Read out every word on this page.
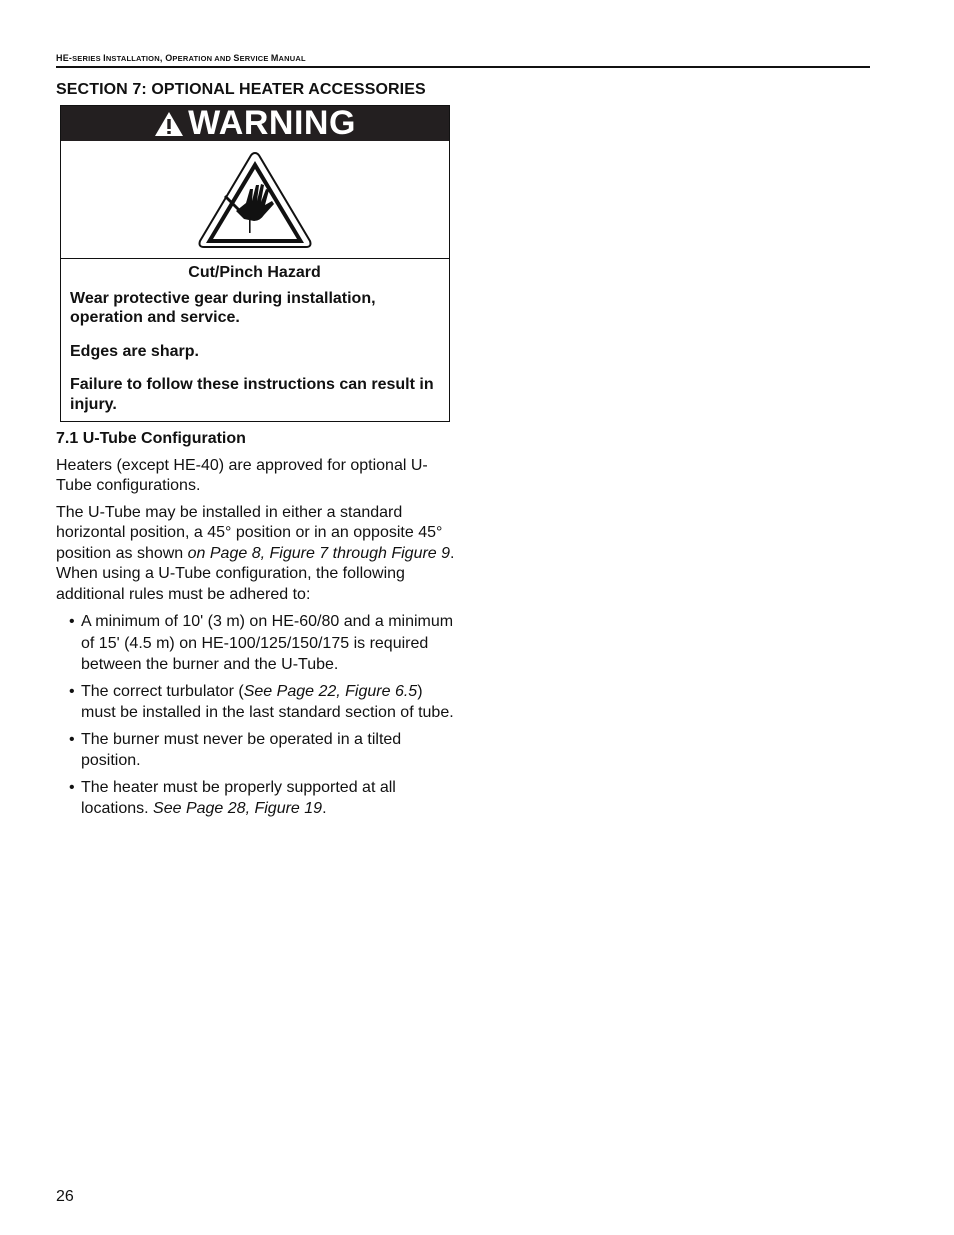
HE-SERIES INSTALLATION, OPERATION AND SERVICE MANUAL
SECTION 7: OPTIONAL HEATER ACCESSORIES
WARNING
Cut/Pinch Hazard

Wear protective gear during installation, operation and service.

Edges are sharp.

Failure to follow these instructions can result in injury.

7.1 U-Tube Configuration

Heaters (except HE-40) are approved for optional U-Tube configurations.

The U-Tube may be installed in either a standard horizontal position, a 45° position or in an opposite 45° position as shown on Page 8, Figure 7 through Figure 9. When using a U-Tube configuration, the following additional rules must be adhered to:

• A minimum of 10' (3 m) on HE-60/80 and a minimum of 15' (4.5 m) on HE-100/125/150/175 is required between the burner and the U-Tube.
• The correct turbulator (See Page 22, Figure 6.5) must be installed in the last standard section of tube.
• The burner must never be operated in a tilted position.
• The heater must be properly supported at all locations. See Page 28, Figure 19.
26
